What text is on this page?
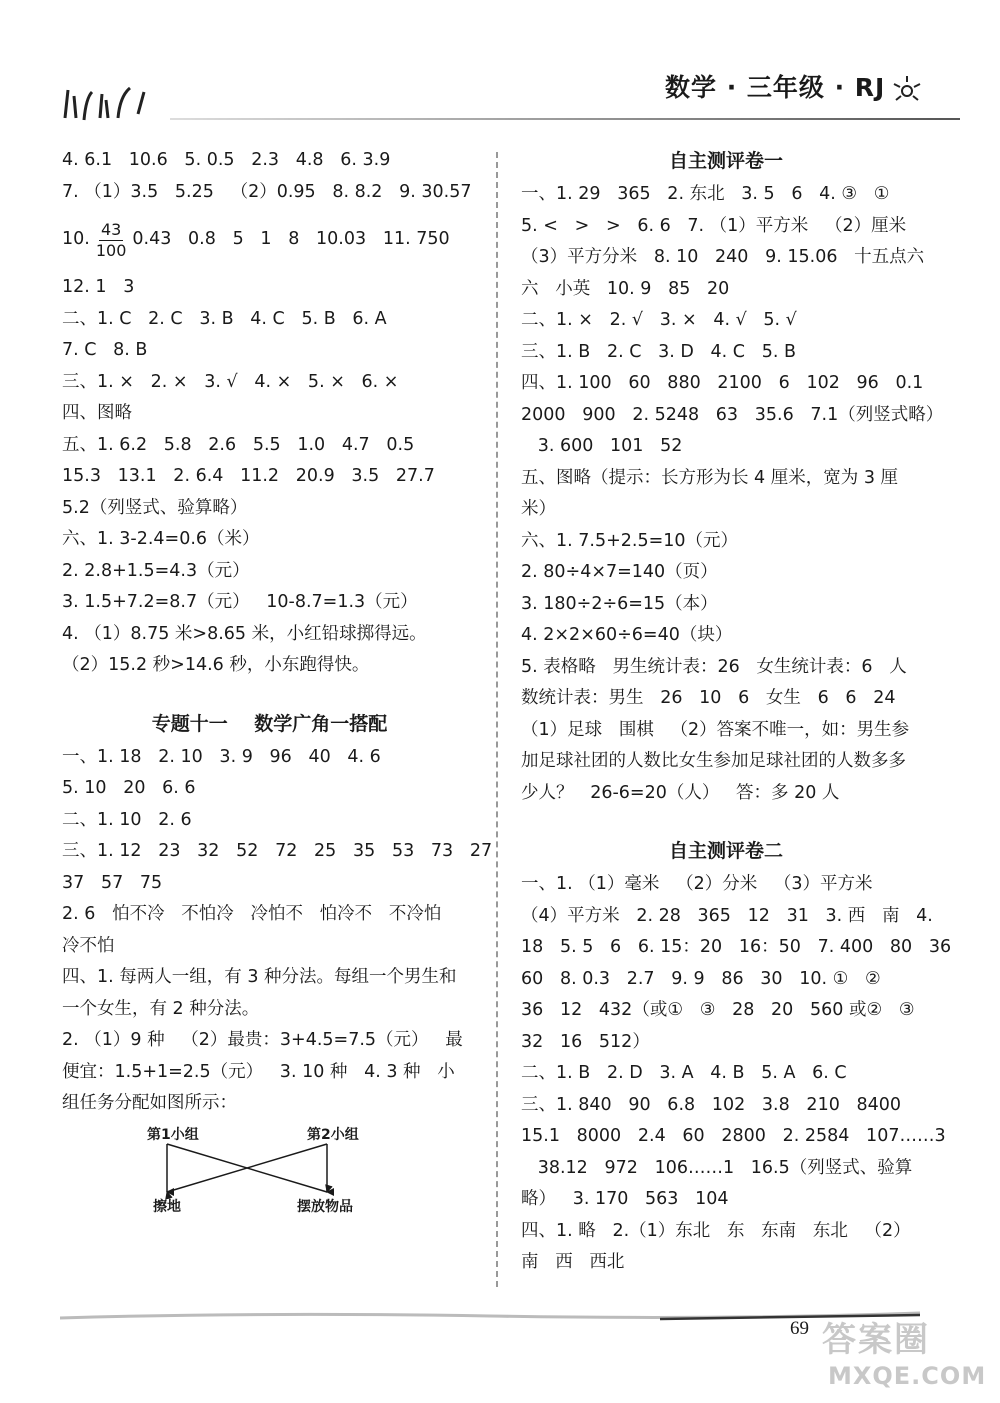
数学 · 三年级 · RJ
4. 6.1   10.6   5. 0.5   2.3   4.8   6. 3.9
7. （1）3.5   5.25   （2）0.95   8. 8.2   9. 30.57
10. $\frac{43}{100} 0.43$   0.8   5   1   8   10.03   11. 750
12. 1   3
二、1. C   2. C   3. B   4. C   5. B   6. A
7. C   8. B
三、1. ×   2. ×   3. √   4. ×   5. ×   6. ×
四、图略
五、1. 6.2   5.8   2.6   5.5   1.0   4.7   0.5
15.3   13.1   2. 6.4   11.2   20.9   3.5   27.7
5.2（列竖式、验算略）
六、1. 3-2.4=0.6（米）
2. 2.8+1.5=4.3（元）
3. 1.5+7.2=8.7（元）   10-8.7=1.3（元）
4. （1）8.75 米>8.65 米，小红铅球掷得远。
（2）15.2 秒>14.6 秒，小东跑得快。
专题十一    数学广角一搭配
一、1. 18   2. 10   3. 9   96   40   4. 6
5. 10   20   6. 6
二、1. 10   2. 6
三、1. 12   23   32   52   72   25   35   53   73   27
37   57   75
2. 6   怕不冷   不怕冷   冷怕不   怕冷不   不冷怕
冷不怕
四、1. 每两人一组，有 3 种分法。每组一个男生和
一个女生，有 2 种分法。
2. （1）9 种   （2）最贵：3+4.5=7.5（元）   最
便宜：1.5+1=2.5（元）   3. 10 种   4. 3 种   小
组任务分配如图所示：
第1小组	第2小组
擦地	摆放物品
自主测评卷一
一、1. 29   365   2. 东北   3. 5   6   4. ③   ①
5. <   >   >   6. 6   7. （1）平方米   （2）厘米
（3）平方分米   8. 10   240   9. 15.06   十五点六
六   小英   10. 9   85   20
二、1. ×   2. √   3. ×   4. √   5. √
三、1. B   2. C   3. D   4. C   5. B
四、1. 100   60   880   2100   6   102   96   0.1
2000   900   2. 5248   63   35.6   7.1（列竖式略）
3. 600   101   52
五、图略（提示：长方形为长 4 厘米，宽为 3 厘
米）
六、1. 7.5+2.5=10（元）
2. 80÷4×7=140（页）
3. 180÷2÷6=15（本）
4. 2×2×60÷6=40（块）
5. 表格略   男生统计表：26   女生统计表：6   人
数统计表：男生   26   10   6   女生   6   6   24
（1）足球   围棋   （2）答案不唯一，如：男生参
加足球社团的人数比女生参加足球社团的人数多多
少人？   26-6=20（人）   答：多 20 人
自主测评卷二
一、1. （1）毫米   （2）分米   （3）平方米
（4）平方米   2. 28   365   12   31   3. 西   南   4.
18   5. 5   6   6. 15：20   16：50   7. 400   80   36
60   8. 0.3   2.7   9. 9   86   30   10. ①   ②
36   12   432（或①   ③   28   20   560 或②   ③
32   16   512）
二、1. B   2. D   3. A   4. B   5. A   6. C
三、1. 840   90   6.8   102   3.8   210   8400
15.1   8000   2.4   60   2800   2. 2584   107……3
38.12   972   106……1   16.5（列竖式、验算
略）   3. 170   563   104
四、1. 略   2.（1）东北   东   东南   东北   （2）
南   西   西北
69 答案圈
MXQE.COM
